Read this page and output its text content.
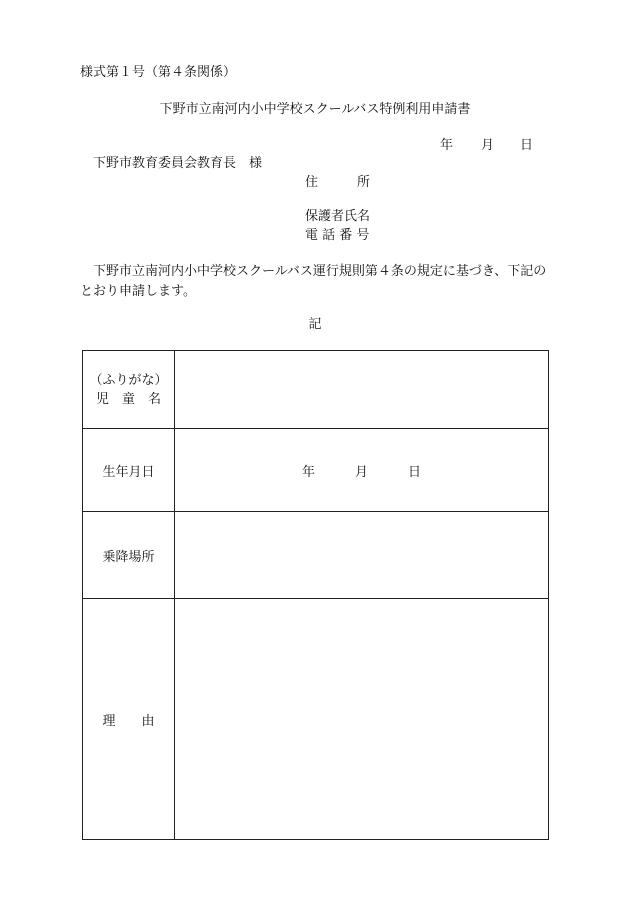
様式第１号（第４条関係）
下野市立南河内小中学校スクールバス特例利用申請書
年 月 日
下野市教育委員会教育長　様
住　　　所
保護者氏名
電 話 番 号
下野市立南河内小中学校スクールバス運行規則第４条の規定に基づき、下記のとおり申請します。
記
（ふりがな）
児　童　名	

生年月日	年 月 日

乗降場所	
理　　由	
